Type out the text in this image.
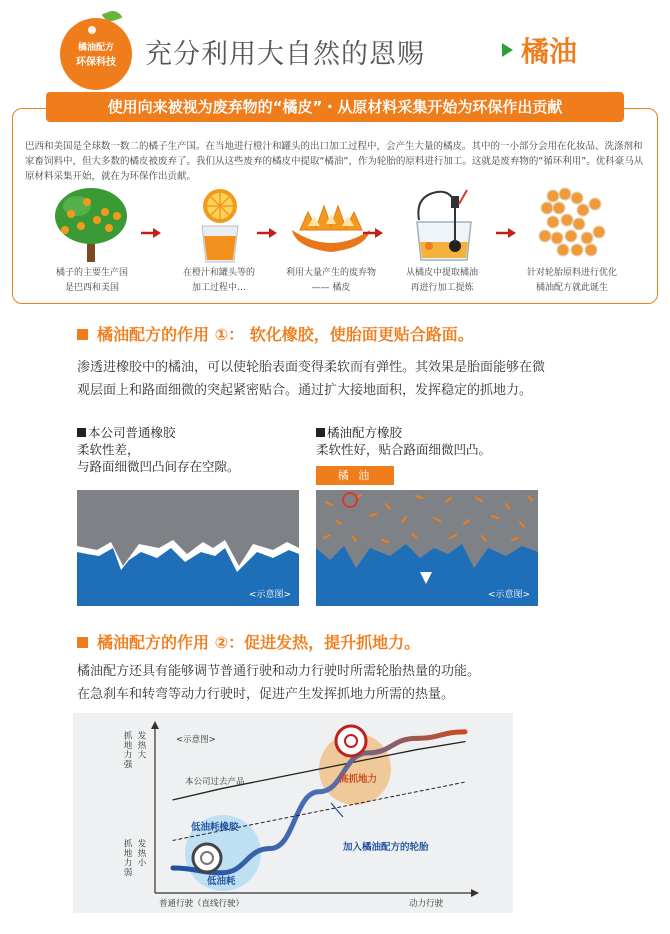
橘油配方
环保科技	充分利用大自然的恩赐	橘油
使用向来被视为废弃物的“橘皮”・从原材料采集开始为环保作出贡献
巴西和美国是全球数一数二的橘子生产国。在当地进行橙汁和罐头的出口加工过程中，会产生大量的橘皮。其中的一小部分会用在化妆品、洗涤剂和家畜饲料中，但大多数的橘皮被废弃了。我们从这些废弃的橘皮中提取“橘油”，作为轮胎的原料进行加工。这就是废弃物的“循环利用”。优科豪马从原材料采集开始，就在为环保作出贡献。
橘子的主要生产国
是巴西和美国
在橙汁和罐头等的
加工过程中…
利用大量产生的废弃物
—— 橘皮
从橘皮中提取橘油
再进行加工提炼
针对轮胎原料进行优化
橘油配方就此诞生
橘油配方的作用 ①： 软化橡胶，使胎面更贴合路面。
渗透进橡胶中的橘油，可以使轮胎表面变得柔软而有弹性。其效果是胎面能够在微
观层面上和路面细微的突起紧密贴合。通过扩大接地面积，发挥稳定的抓地力。
本公司普通橡胶
柔软性差，
与路面细微凹凸间存在空隙。
橘油配方橡胶
柔软性好，贴合路面细微凹凸。
<示意图>
橘 油
<示意图>
橘油配方的作用 ②：促进发热，提升抓地力。
橘油配方还具有能够调节普通行驶和动力行驶时所需轮胎热量的功能。
在急刹车和转弯等动力行驶时，促进产生发挥抓地力所需的热量。
<示意图>
抓地力强 发热大
抓地力弱 发热小
普通行驶（直线行驶）	动力行驶
本公司过去产品
加入橘油配方的轮胎
低油耗橡胶
低油耗
高抓地力
